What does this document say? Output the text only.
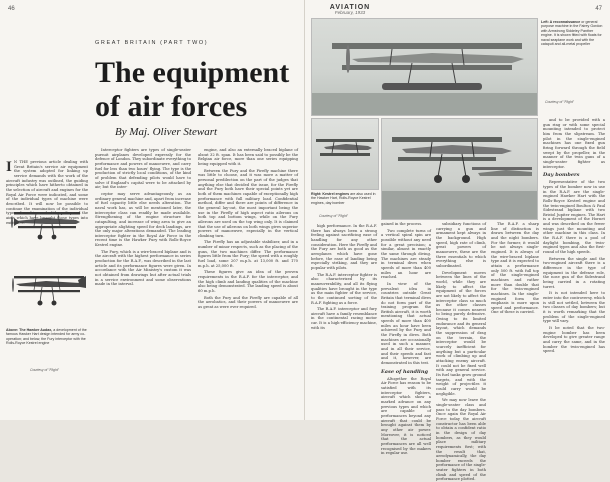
46
GREAT BRITAIN (PART TWO)
The equipment of air forces
By Maj. Oliver Stewart
Above: The Hawker Audax, a development of the famous Hawker Hart design intended for army co-operation; and below, the Fury interceptor with the Rolls-Royce Kestrel engine
Courtesy of "Flight"

I N THE previous article dealing with Great Britain's service air equipment the system adopted for linking up service demands with the work of the aircraft industry was outlined, the guiding principles which have hitherto obtained in the selection of aircraft and engines for the Royal Air Force were indicated, and some of the individual types of machine were described. It will now be possible to continue the examination of the individual types of machine and of the policy and the aims which have brought those types into existence.

Interceptor fighters are types of single-seater pursuit airplanes developed expressly for the defence of London. They subordinate everything to performance and powers of manoeuvre, and carry fuel for less than two hours' flying. The type is the production of strictly local conditions, of the kind of problem that defending pilots would have to solve if England's capital were to be attacked by air; but the inter-

ceptor may serve advantageously as an ordinary general machine and, apart from increase of fuel capacity little else needs alteration. The naval work has, as will be mentioned later, the interceptor class can readily be made available. Strengthening of the engine structure for catapulting, and increase of wing area to give an appropriate alighting speed for deck landings, are the only major alterations demanded. The leading interceptor fighter in the Royal Air Force in the recent time is the Hawker Fury with Rolls-Royce Kestrel engine.

The Fury, which is a wire-braced biplane and is the aircraft with the highest performance in series production for the R.A.F., was described in the last article and its performance figures were given. In accordance with the Air Ministry's custom it was not obtained from drawings but after actual trials in a service environment and some observations made in the interval.

engine, and also an externally braced biplane of about 32 ft. span. It has been said to possibly be the Belgian air force, more than one series equipping being equipped with it.

Between the Fury and the Firefly machine there was little to choose, and it was more a matter of personal predilection on the part of the judges that anything else that decided the issue, for the Firefly and the Fury both have their special points yet are both of them machines capable of exceptionally high performance with full military load. Confidential method, differ and there are points of difference in the general lay-out, the most important being the use in the Firefly of high aspect ratio ailerons on both top and bottom wings, while on the Fury ailerons are used on the top wing only. It is claimed that the use of ailerons on both wings gives superior powers of manoeuvre, especially in the vertical climbing turn.

The Firefly has an adjustable stabilizer, and in a number of minor respects, such as the placing of the guns, the two machines differ. The performance figures little from the Fury; the speed with a roughly fuel load, some 207 m.p.h. at 13,000 ft. and 170 m.p.h. at 25,000 ft.

These figures give an idea of the proven requirements in the R.A.F. for the interceptor, and the high climb and landing qualities of the machine also being demonstrated. The landing speed is about 60 m.p.h.

Both the Fury and the Firefly are capable of all the aerobatics, and their powers of manoeuvre are as great as were ever required.

AVIATION
February, 1933
47
Left: A reconnaissance or general purpose machine in the Fairey Gordon with Armstrong Siddeley Panther engine. It is shown fitted with floats for naval seaplane work and with the catapult and all-metal propeller
Courtesy of "Flight"
Right: Kestrel engines are also used in the Hawker Hart, Rolls-Royce Kestrel engines, day bomber
Courtesy of "Flight"

gained in the process.

Two complete turns of a vertical spiral spin are possible without any need for a great precision; a similar, almost in exactly the same through diving. The machines are steady in terminal dives when speeds of more than 400 miles an hour are reached.

In view of the prevalent idea in countries outside Great Britain that terminal dives do not form part of the training program the British aircraft, it is worth mentioning that actual speeds of more than 400 miles an hour have been achieved by the Fury and the Firefly in dives. Both machines are occasionally used in such a manner, and in all their service, and their speeds and fast and it, however, are demonstrated in this test.

Ease of handling

Altogether the Royal Air Force has reason to be satisfied with its interceptor fighters, aircraft which show a marked advance on any previous types and which are capable of performances beyond any aircraft that could be brought against them by any other air power. Moreover, it is noticed that the actual performances are all well recognised by the makers in regular use.

high performance. In the R.A.F. there has always been a strong feeling against sacrificing ease of handling for any other consideration. Here the Firefly and the Fury are both as good as the aeroplanes which have gone before, the ease of landing being especially striking, and they are popular with pilots.

The R.A.F. interceptor fighter is also characterized by its maneuverability, and all its flying qualities have brought in the type as the main fighter of the service, to the continued sorting of the R.A.F. fighting as a force.

The R.A.F. interceptor and fury aircraft have a family resemblance in the continental racing motor car. It is a high-efficiency machine, with its

subsidiary functions of carrying a gun and armament kept always in the background. High speed, high rate of climb, great powers of manoeuvre, these are the three essentials to which everything else is subordinated.

Development moves between the lines of the world, while they are likely to affect the equipment of the forces are not likely to affect the interceptor class so much as the other classes because it comes nearest to being purely defensive. Owing to its limited endurance and its general layout, which demands the suppression of drag on the terrain, the interceptor would be scarcely inefficient for anything but a particular work of climbing up and attacking enemy aircraft. It could not be fixed well with any general service. Its fuel tanks grow ground targets, and with the weight of projectiles it could carry would be negligible.

We may now leave the single-seater class and pass to the day bombers. Once again the Royal Air Force today the aircraft constructor has been able to obtain a confident ratio in the design of day bombers, as they would place military requirements first; with the result that, aerodynamically, the day bomber exceeds the performance of the single-seater fighters in both climb and speed of the performance plotted.

The R.A.F. a sharp line of distinction is drawn between the day and the night bombers. For the former, it would be not always single-engined. It is always of the wire-braced biplane type and it is expected to attain a performance only 500 ft. with full top of the single-engined machines and rather more than double that for the twin-engined machines. In the single-engined form the emphasis is more upon speed and performance. One of these is carried.

and to be provided with a gun ring or with some special mounting intended to protect him from the slipstream. The pilot in the single-engined machines has one fixed gun firing forward through the field swept by the propeller, in the manner of the twin guns of a single-seater fighter as interceptor.

Day bombers

Representative of the two types of the bomber now in use in the R.A.F. are the single-engined Hawker Hart with the Rolls-Royce Kestrel engine and the twin-engined Boulton & Paul Sidestrand biplane with two Bristol Jupiter engines. The Hart is a development of the Hornet and was described on the fewer wings just the mounting and other machine in this class. In the R.A.F. there is a pool of daylight bombing, the twin-engined types and also the first-round of the high speeds.

Between the single and the two-engined aircraft there is a difference in the type of equipment in the defense role, the nose gun of the Sidestrand being carried in a rotating turret.

It is not intended here to enter into the controversy, which is still not settled, between the two classes of day bombers; but it is worth remarking that the problem of the single-engined type will vary.

It be noted that the two-engine bomber has been developed to give greater range and carry the same, and in the bomber the twin-engined has speed.
